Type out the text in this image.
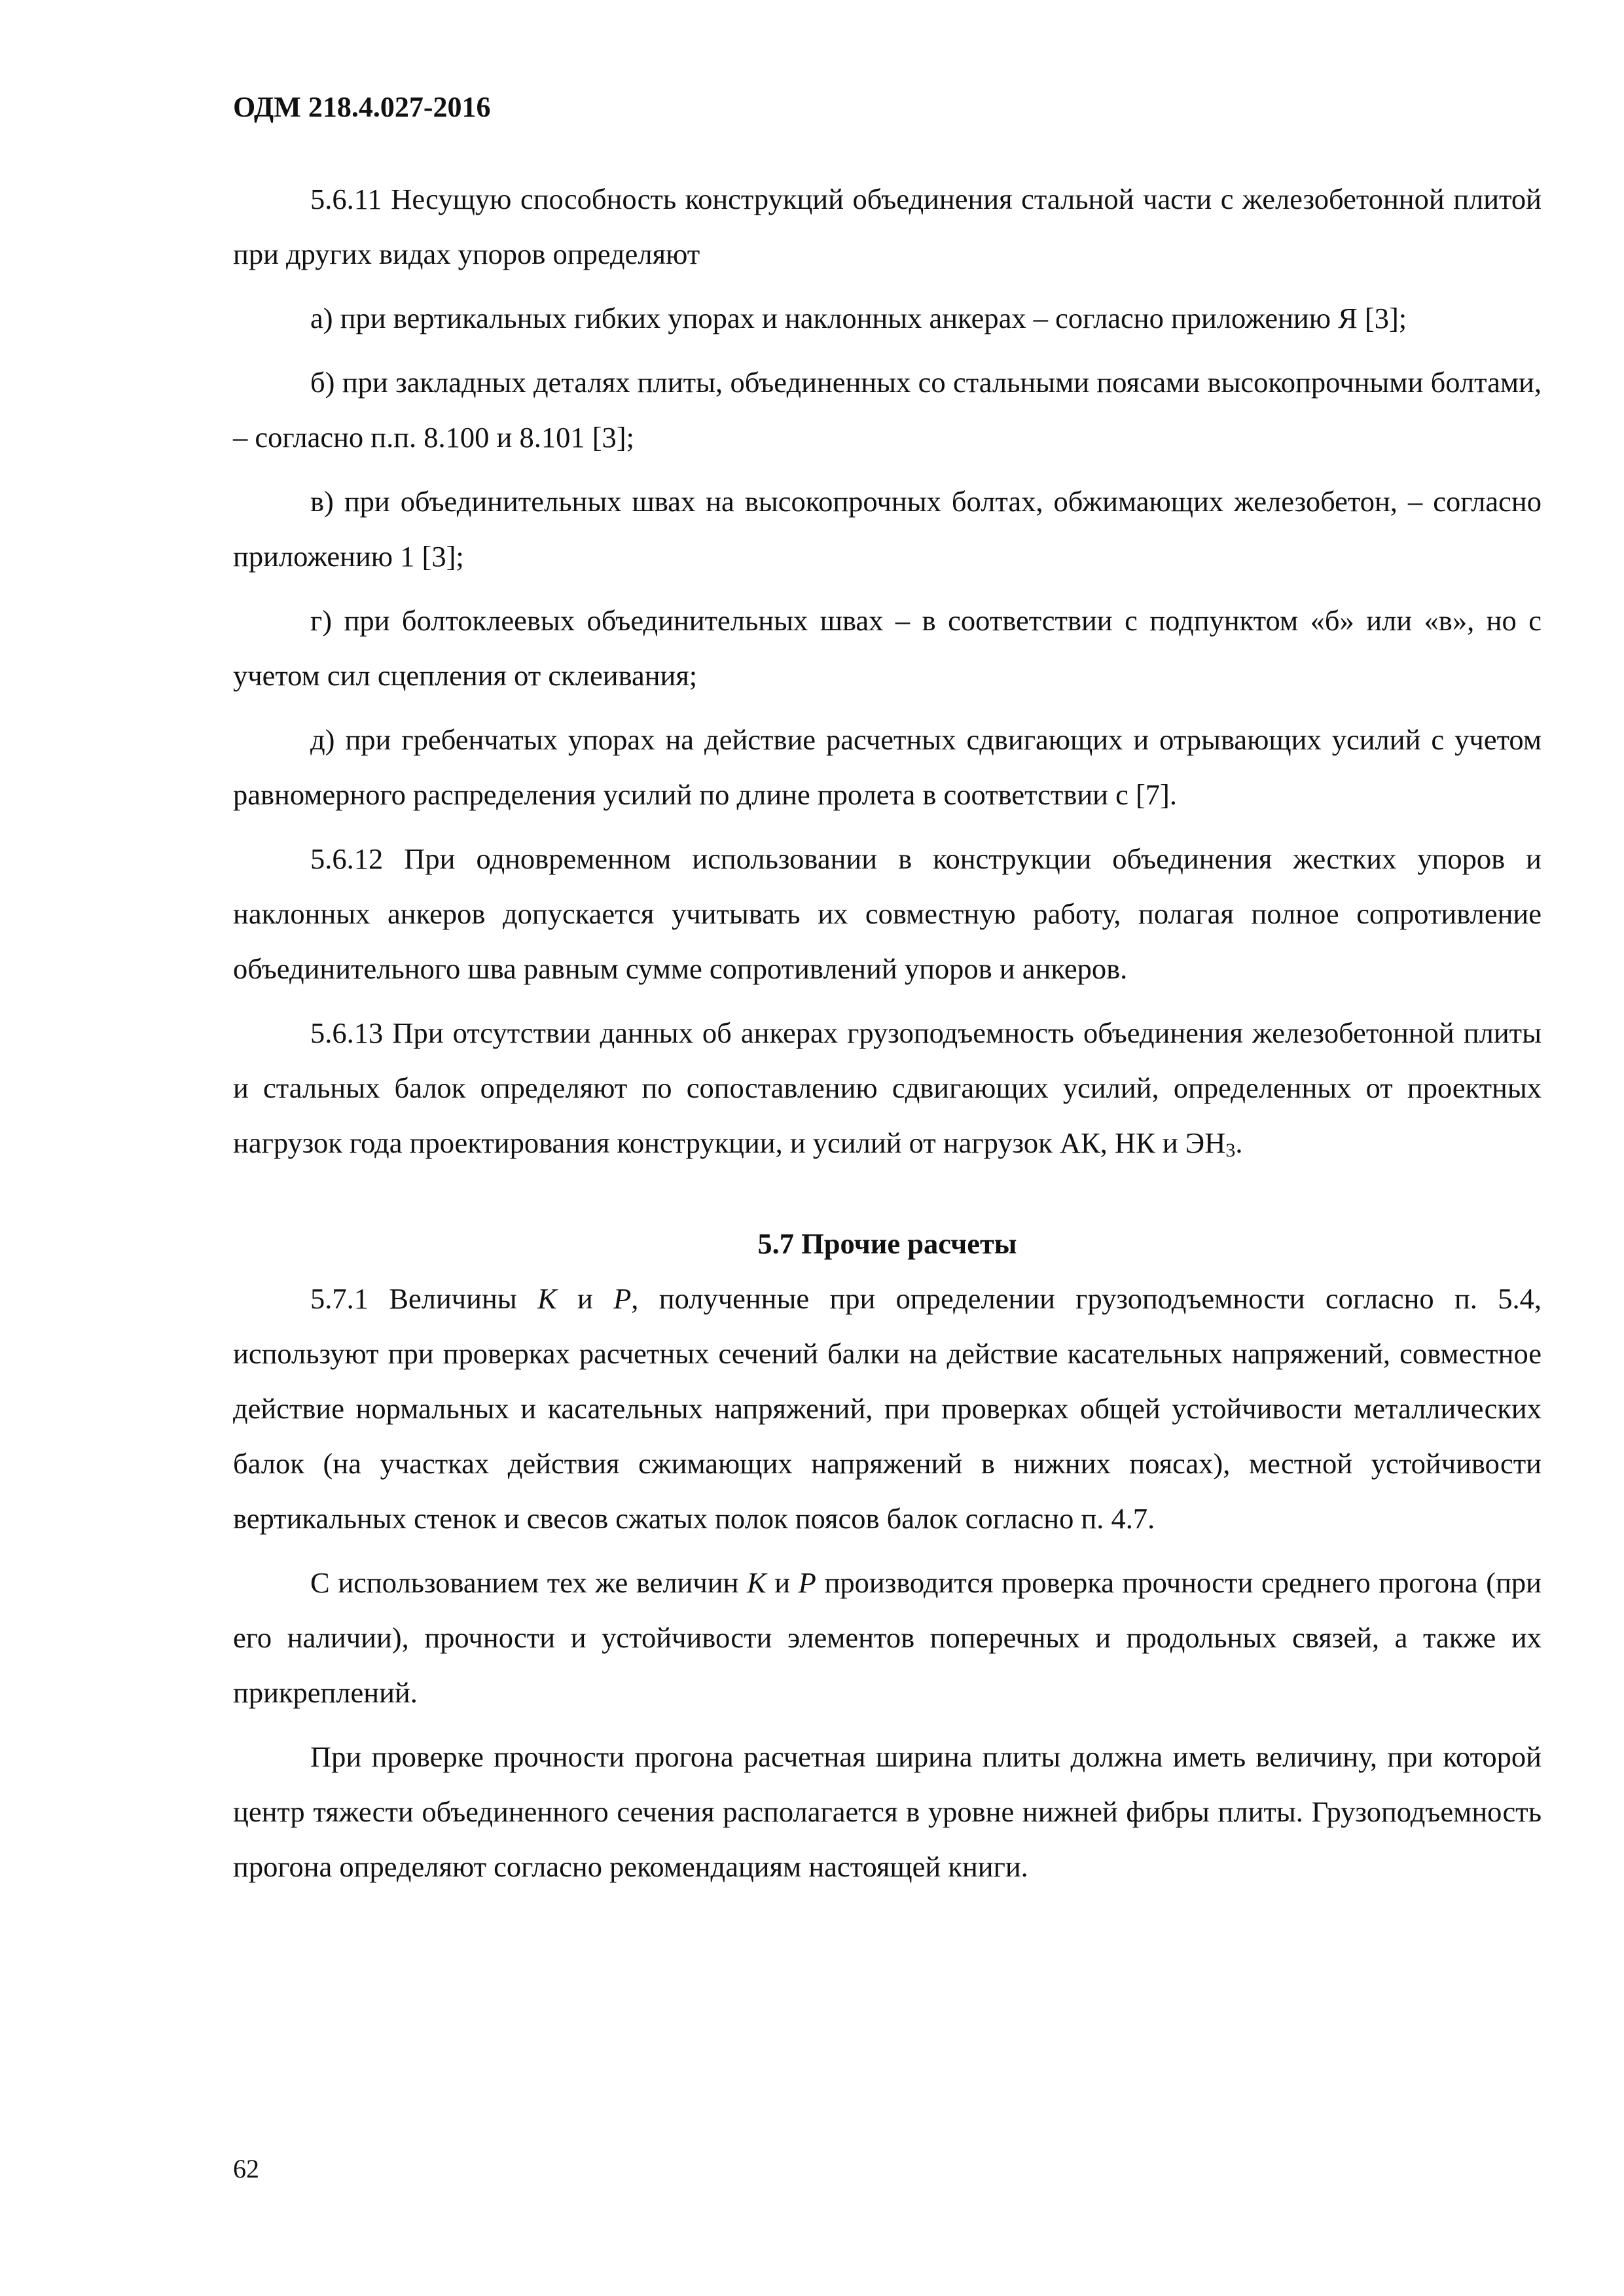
ОДМ 218.4.027-2016

5.6.11 Несущую способность конструкций объединения стальной части с железобетонной плитой при других видах упоров определяют

а) при вертикальных гибких упорах и наклонных анкерах – согласно приложению Я [3];

б) при закладных деталях плиты, объединенных со стальными поясами высокопрочными болтами, – согласно п.п. 8.100 и 8.101 [3];

в) при объединительных швах на высокопрочных болтах, обжимающих железобетон, – согласно приложению 1 [3];

г) при болтоклеевых объединительных швах – в соответствии с подпунктом «б» или «в», но с учетом сил сцепления от склеивания;

д) при гребенчатых упорах на действие расчетных сдвигающих и отрывающих усилий с учетом равномерного распределения усилий по длине пролета в соответствии с [7].

5.6.12 При одновременном использовании в конструкции объединения жестких упоров и наклонных анкеров допускается учитывать их совместную работу, полагая полное сопротивление объединительного шва равным сумме сопротивлений упоров и анкеров.

5.6.13 При отсутствии данных об анкерах грузоподъемность объединения железобетонной плиты и стальных балок определяют по сопоставлению сдвигающих усилий, определенных от проектных нагрузок года проектирования конструкции, и усилий от нагрузок АК, НК и $ЭН_3$.

5.7 Прочие расчеты

5.7.1 Величины К и Р, полученные при определении грузоподъемности согласно п. 5.4, используют при проверках расчетных сечений балки на действие касательных напряжений, совместное действие нормальных и касательных напряжений, при проверках общей устойчивости металлических балок (на участках действия сжимающих напряжений в нижних поясах), местной устойчивости вертикальных стенок и свесов сжатых полок поясов балок согласно п. 4.7.

С использованием тех же величин К и Р производится проверка прочности среднего прогона (при его наличии), прочности и устойчивости элементов поперечных и продольных связей, а также их прикреплений.

При проверке прочности прогона расчетная ширина плиты должна иметь величину, при которой центр тяжести объединенного сечения располагается в уровне нижней фибры плиты. Грузоподъемность прогона определяют согласно рекомендациям настоящей книги.

62
